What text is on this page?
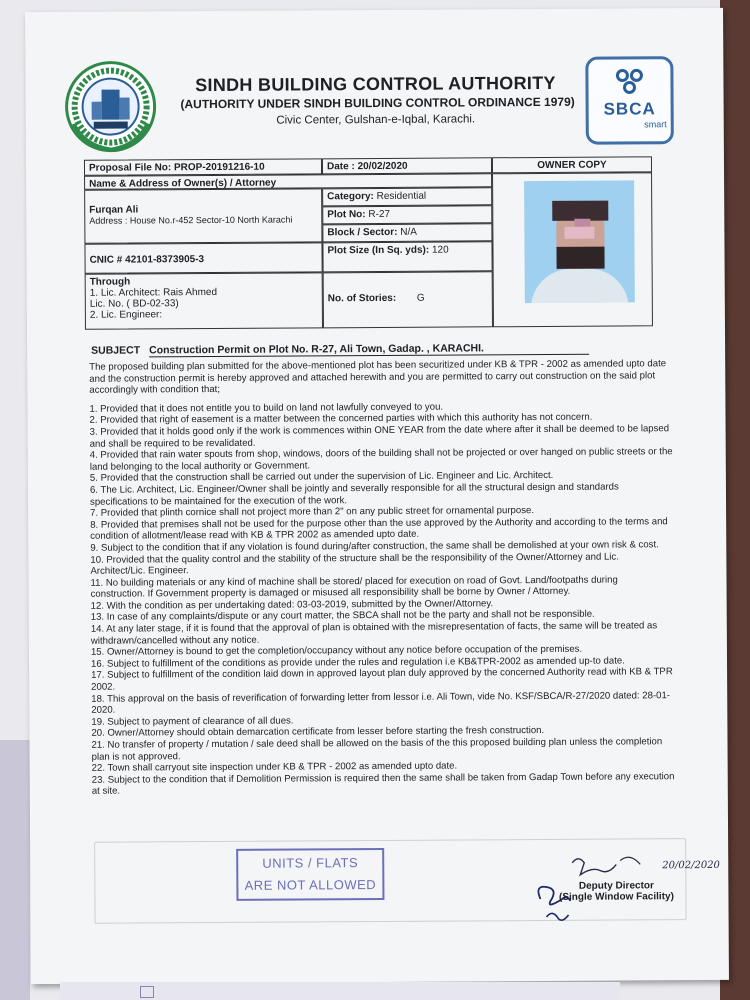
SBCA
smart
SINDH BUILDING CONTROL AUTHORITY
(AUTHORITY UNDER SINDH BUILDING CONTROL ORDINANCE 1979)
Civic Center, Gulshan-e-Iqbal, Karachi.
Proposal File No: PROP-20191216-10	Date : 20/02/2020	OWNER COPY
Name & Address of Owner(s) / Attorney
Furqan Ali
Address : House No.r-452 Sector-10 North Karachi
Category: Residential
Plot No: R-27
Block / Sector: N/A
CNIC # 42101-8373905-3
Plot Size (In Sq. yds): 120
Through
1. Lic. Architect: Rais Ahmed
Lic. No. ( BD-02-33)
2. Lic. Engineer:
No. of Stories: G
SUBJECT Construction Permit on Plot No. R-27, Ali Town, Gadap. , KARACHI.

The proposed building plan submitted for the above-mentioned plot has been securitized under KB & TPR - 2002 as amended upto date and the construction permit is hereby approved and attached herewith and you are permitted to carry out construction on the said plot accordingly with condition that;

1. Provided that it does not entitle you to build on land not lawfully conveyed to you.
2. Provided that right of easement is a matter between the concerned parties with which this authority has not concern.
3. Provided that it holds good only if the work is commences within ONE YEAR from the date where after it shall be deemed to be lapsed and shall be required to be revalidated.
4. Provided that rain water spouts from shop, windows, doors of the building shall not be projected or over hanged on public streets or the land belonging to the local authority or Government.
5. Provided that the construction shall be carried out under the supervision of Lic. Engineer and Lic. Architect.
6. The Lic. Architect, Lic. Engineer/Owner shall be jointly and severally responsible for all the structural design and standards specifications to be maintained for the execution of the work.
7. Provided that plinth cornice shall not project more than 2" on any public street for ornamental purpose.
8. Provided that premises shall not be used for the purpose other than the use approved by the Authority and according to the terms and condition of allotment/lease read with KB & TPR 2002 as amended upto date.
9. Subject to the condition that if any violation is found during/after construction, the same shall be demolished at your own risk & cost.
10. Provided that the quality control and the stability of the structure shall be the responsibility of the Owner/Attorney and Lic. Architect/Lic. Engineer.
11. No building materials or any kind of machine shall be stored/ placed for execution on road of Govt. Land/footpaths during construction. If Government property is damaged or misused all responsibility shall be borne by Owner / Attorney.
12. With the condition as per undertaking dated: 03-03-2019, submitted by the Owner/Attorney.
13. In case of any complaints/dispute or any court matter, the SBCA shall not be the party and shall not be responsible.
14. At any later stage, if it is found that the approval of plan is obtained with the misrepresentation of facts, the same will be treated as withdrawn/cancelled without any notice.
15. Owner/Attorney is bound to get the completion/occupancy without any notice before occupation of the premises.
16. Subject to fulfillment of the conditions as provide under the rules and regulation i.e KB&TPR-2002 as amended up-to date.
17. Subject to fulfillment of the condition laid down in approved layout plan duly approved by the concerned Authority read with KB & TPR 2002.
18. This approval on the basis of reverification of forwarding letter from lessor i.e. Ali Town, vide No. KSF/SBCA/R-27/2020 dated: 28-01-2020.
19. Subject to payment of clearance of all dues.
20. Owner/Attorney should obtain demarcation certificate from lesser before starting the fresh construction.
21. No transfer of property / mutation / sale deed shall be allowed on the basis of the this proposed building plan unless the completion plan is not approved.
22. Town shall carryout site inspection under KB & TPR - 2002 as amended upto date.
23. Subject to the condition that if Demolition Permission is required then the same shall be taken from Gadap Town before any execution at site.
UNITS / FLATS
ARE NOT ALLOWED
20/02/2020
Deputy Director
(Single Window Facility)
